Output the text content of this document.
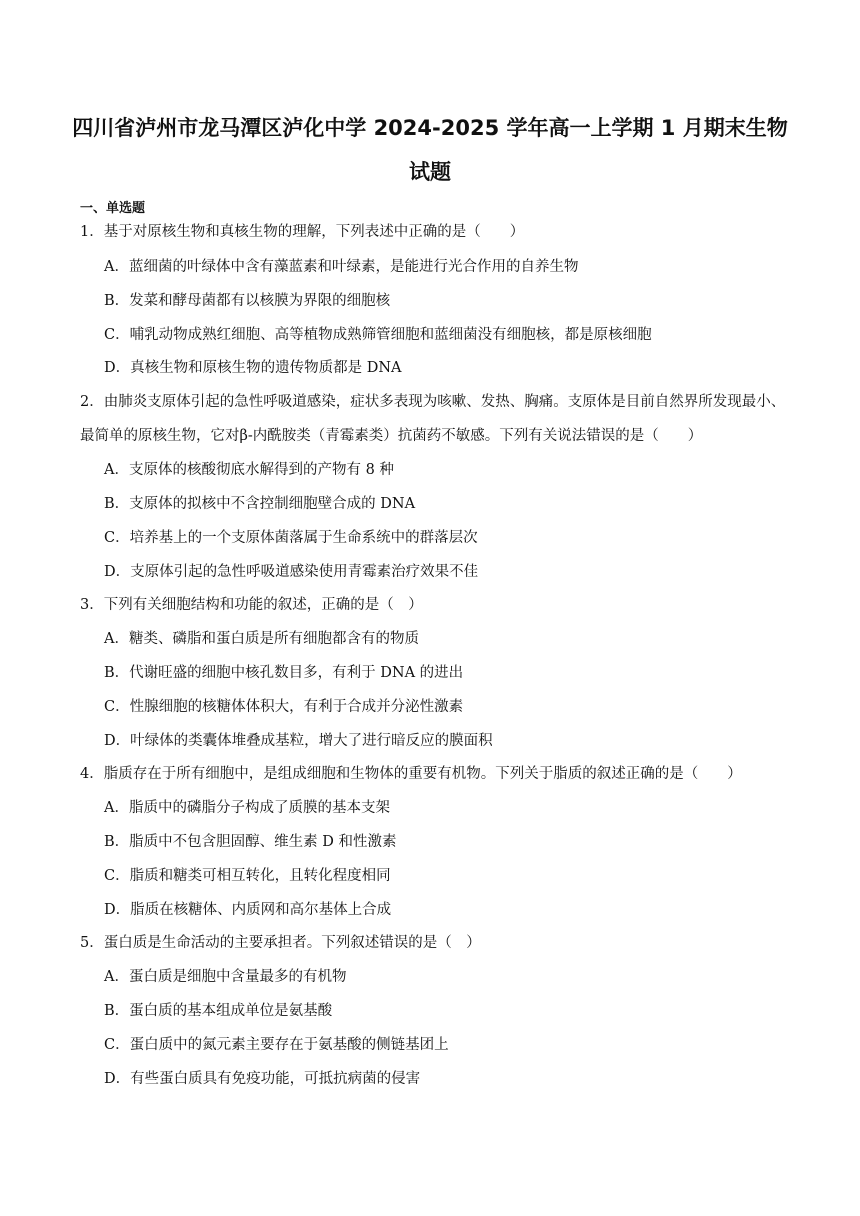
四川省泸州市龙马潭区泸化中学 2024-2025 学年高一上学期 1 月期末生物
试题
一、单选题
1．基于对原核生物和真核生物的理解，下列表述中正确的是（　　）
A．蓝细菌的叶绿体中含有藻蓝素和叶绿素，是能进行光合作用的自养生物
B．发菜和酵母菌都有以核膜为界限的细胞核
C．哺乳动物成熟红细胞、高等植物成熟筛管细胞和蓝细菌没有细胞核，都是原核细胞
D．真核生物和原核生物的遗传物质都是 DNA
2．由肺炎支原体引起的急性呼吸道感染，症状多表现为咳嗽、发热、胸痛。支原体是目前自然界所发现最小、最简单的原核生物，它对β-内酰胺类（青霉素类）抗菌药不敏感。下列有关说法错误的是（　　）
A．支原体的核酸彻底水解得到的产物有 8 种
B．支原体的拟核中不含控制细胞壁合成的 DNA
C．培养基上的一个支原体菌落属于生命系统中的群落层次
D．支原体引起的急性呼吸道感染使用青霉素治疗效果不佳
3．下列有关细胞结构和功能的叙述，正确的是（　）
A．糖类、磷脂和蛋白质是所有细胞都含有的物质
B．代谢旺盛的细胞中核孔数目多，有利于 DNA 的进出
C．性腺细胞的核糖体体积大，有利于合成并分泌性激素
D．叶绿体的类囊体堆叠成基粒，增大了进行暗反应的膜面积
4．脂质存在于所有细胞中，是组成细胞和生物体的重要有机物。下列关于脂质的叙述正确的是（　　）
A．脂质中的磷脂分子构成了质膜的基本支架
B．脂质中不包含胆固醇、维生素 D 和性激素
C．脂质和糖类可相互转化，且转化程度相同
D．脂质在核糖体、内质网和高尔基体上合成
5．蛋白质是生命活动的主要承担者。下列叙述错误的是（　）
A．蛋白质是细胞中含量最多的有机物
B．蛋白质的基本组成单位是氨基酸
C．蛋白质中的氮元素主要存在于氨基酸的侧链基团上
D．有些蛋白质具有免疫功能，可抵抗病菌的侵害
